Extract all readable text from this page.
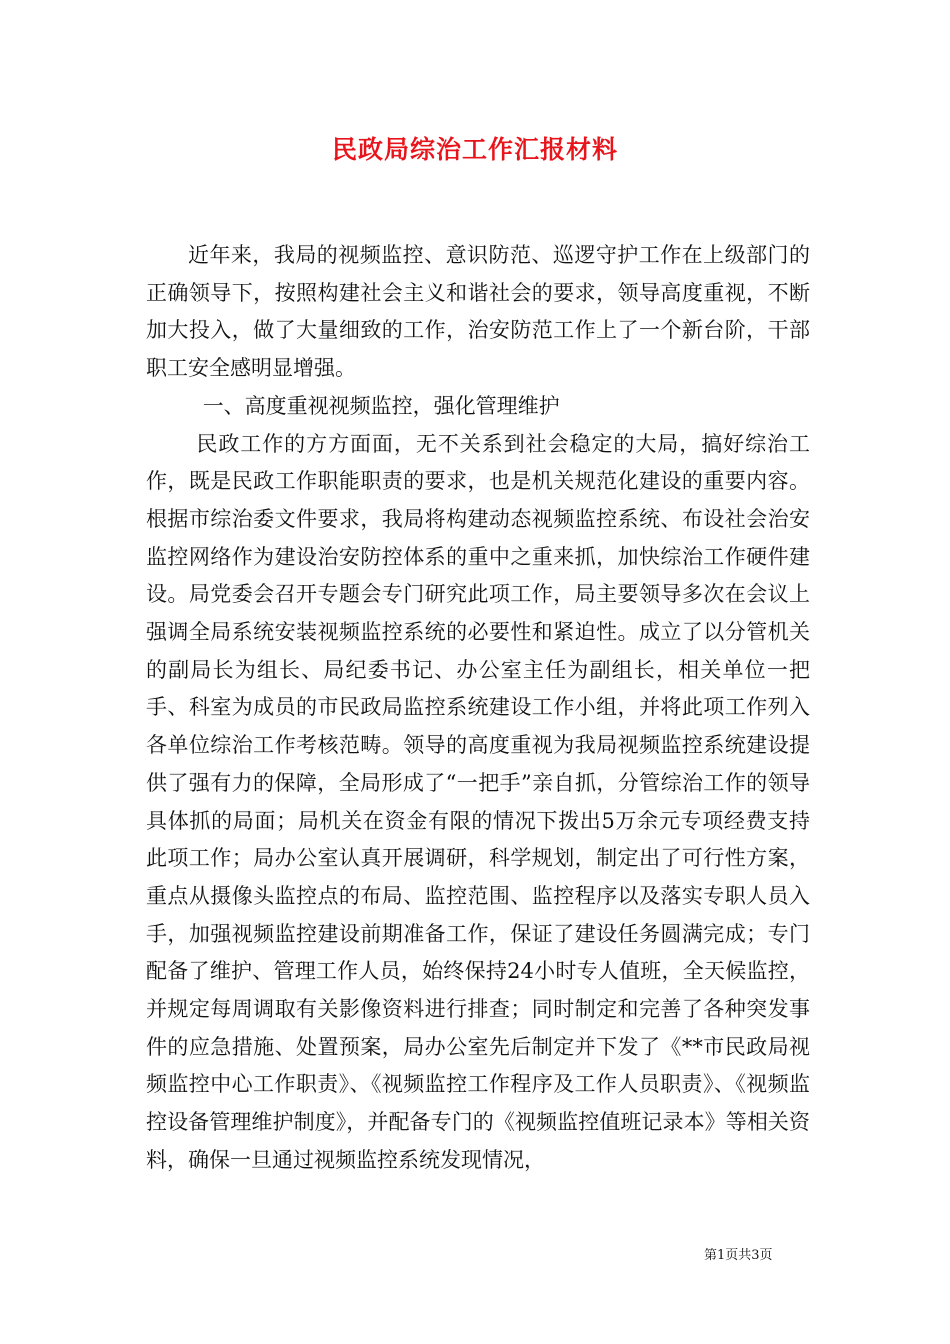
民政局综治工作汇报材料

近年来，我局的视频监控、意识防范、巡逻守护工作在上级部门的正确领导下，按照构建社会主义和谐社会的要求，领导高度重视，不断加大投入，做了大量细致的工作，治安防范工作上了一个新台阶，干部职工安全感明显增强。

一、高度重视视频监控，强化管理维护

民政工作的方方面面，无不关系到社会稳定的大局，搞好综治工作，既是民政工作职能职责的要求，也是机关规范化建设的重要内容。根据市综治委文件要求，我局将构建动态视频监控系统、布设社会治安监控网络作为建设治安防控体系的重中之重来抓，加快综治工作硬件建设。局党委会召开专题会专门研究此项工作，局主要领导多次在会议上强调全局系统安装视频监控系统的必要性和紧迫性。成立了以分管机关的副局长为组长、局纪委书记、办公室主任为副组长，相关单位一把手、科室为成员的市民政局监控系统建设工作小组，并将此项工作列入各单位综治工作考核范畴。领导的高度重视为我局视频监控系统建设提供了强有力的保障，全局形成了“一把手”亲自抓，分管综治工作的领导具体抓的局面；局机关在资金有限的情况下拨出5万余元专项经费支持此项工作；局办公室认真开展调研，科学规划，制定出了可行性方案，重点从摄像头监控点的布局、监控范围、监控程序以及落实专职人员入手，加强视频监控建设前期准备工作，保证了建设任务圆满完成；专门配备了维护、管理工作人员，始终保持24小时专人值班，全天候监控，并规定每周调取有关影像资料进行排查；同时制定和完善了各种突发事件的应急措施、处置预案，局办公室先后制定并下发了《**市民政局视频监控中心工作职责》、《视频监控工作程序及工作人员职责》、《视频监控设备管理维护制度》，并配备专门的《视频监控值班记录本》等相关资料，确保一旦通过视频监控系统发现情况，

第1页共3页
